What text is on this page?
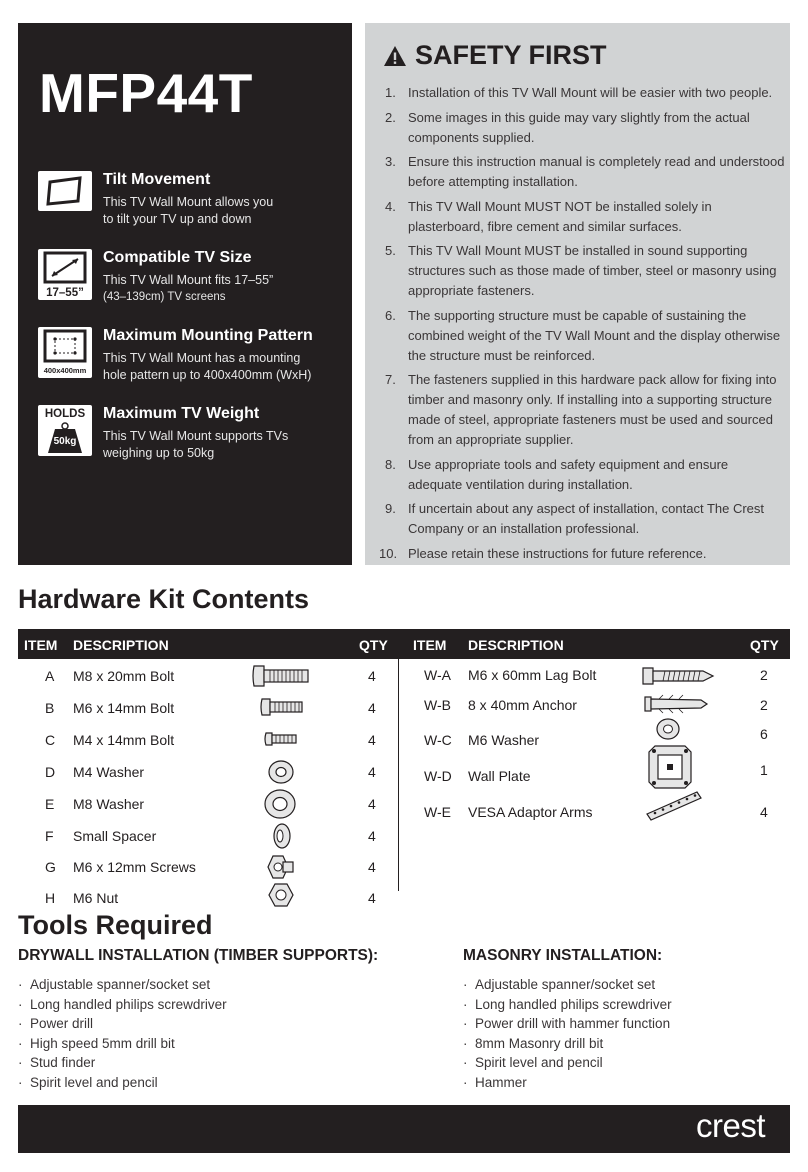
MFP44T
Tilt Movement
This TV Wall Mount allows you
to tilt your TV up and down
17–55”
Compatible TV Size
This TV Wall Mount fits 17–55”
(43–139cm) TV screens
400x400mm
Maximum Mounting Pattern
This TV Wall Mount has a mounting
hole pattern up to 400x400mm (WxH)
HOLDS
50kg
Maximum TV Weight
This TV Wall Mount supports TVs
weighing up to 50kg
SAFETY FIRST
1. Installation of this TV Wall Mount will be easier with two people.
2. Some images in this guide may vary slightly from the actual components supplied.
3. Ensure this instruction manual is completely read and understood before attempting installation.
4. This TV Wall Mount MUST NOT be installed solely in plasterboard, fibre cement and similar surfaces.
5. This TV Wall Mount MUST be installed in sound supporting structures such as those made of timber, steel or masonry using appropriate fasteners.
6. The supporting structure must be capable of sustaining the combined weight of the TV Wall Mount and the display otherwise the structure must be reinforced.
7. The fasteners supplied in this hardware pack allow for fixing into timber and masonry only. If installing into a supporting structure made of steel, appropriate fasteners must be used and sourced from an appropriate supplier.
8. Use appropriate tools and safety equipment and ensure adequate ventilation during installation.
9. If uncertain about any aspect of installation, contact The Crest Company or an installation professional.
10. Please retain these instructions for future reference.
Hardware Kit Contents
ITEM DESCRIPTION	QTY ITEM DESCRIPTION	QTY
A M8 x 20mm Bolt	4
B M6 x 14mm Bolt	4
C M4 x 14mm Bolt	4
D M4 Washer	4
E M8 Washer	4
F Small Spacer	4
G M6 x 12mm Screws	4
H M6 Nut	4
W-A M6 x 60mm Lag Bolt	2
W-B 8 x 40mm Anchor	2
W-C M6 Washer	6
W-D Wall Plate	1
W-E VESA Adaptor Arms	4
Tools Required
DRYWALL INSTALLATION (TIMBER SUPPORTS):
· Adjustable spanner/socket set
· Long handled philips screwdriver
· Power drill
· High speed 5mm drill bit
· Stud finder
· Spirit level and pencil
MASONRY INSTALLATION:
· Adjustable spanner/socket set
· Long handled philips screwdriver
· Power drill with hammer function
· 8mm Masonry drill bit
· Spirit level and pencil
· Hammer
crest
